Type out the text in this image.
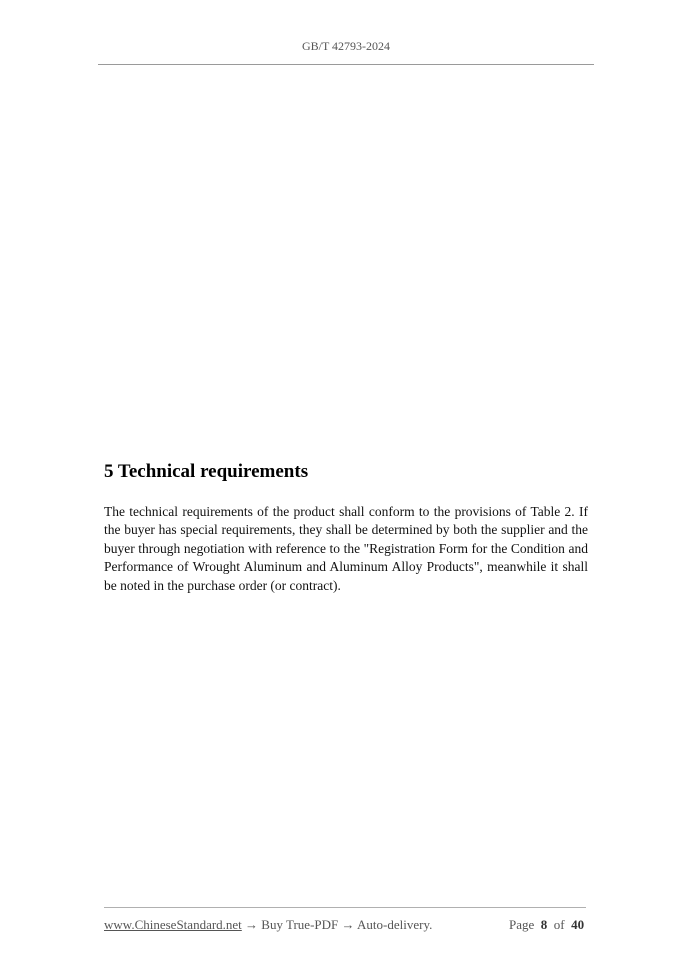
GB/T 42793-2024
5 Technical requirements

The technical requirements of the product shall conform to the provisions of Table 2. If the buyer has special requirements, they shall be determined by both the supplier and the buyer through negotiation with reference to the "Registration Form for the Condition and Performance of Wrought Aluminum and Aluminum Alloy Products", meanwhile it shall be noted in the purchase order (or contract).

www.ChineseStandard.net → Buy True-PDF → Auto-delivery.	Page 8 of 40
